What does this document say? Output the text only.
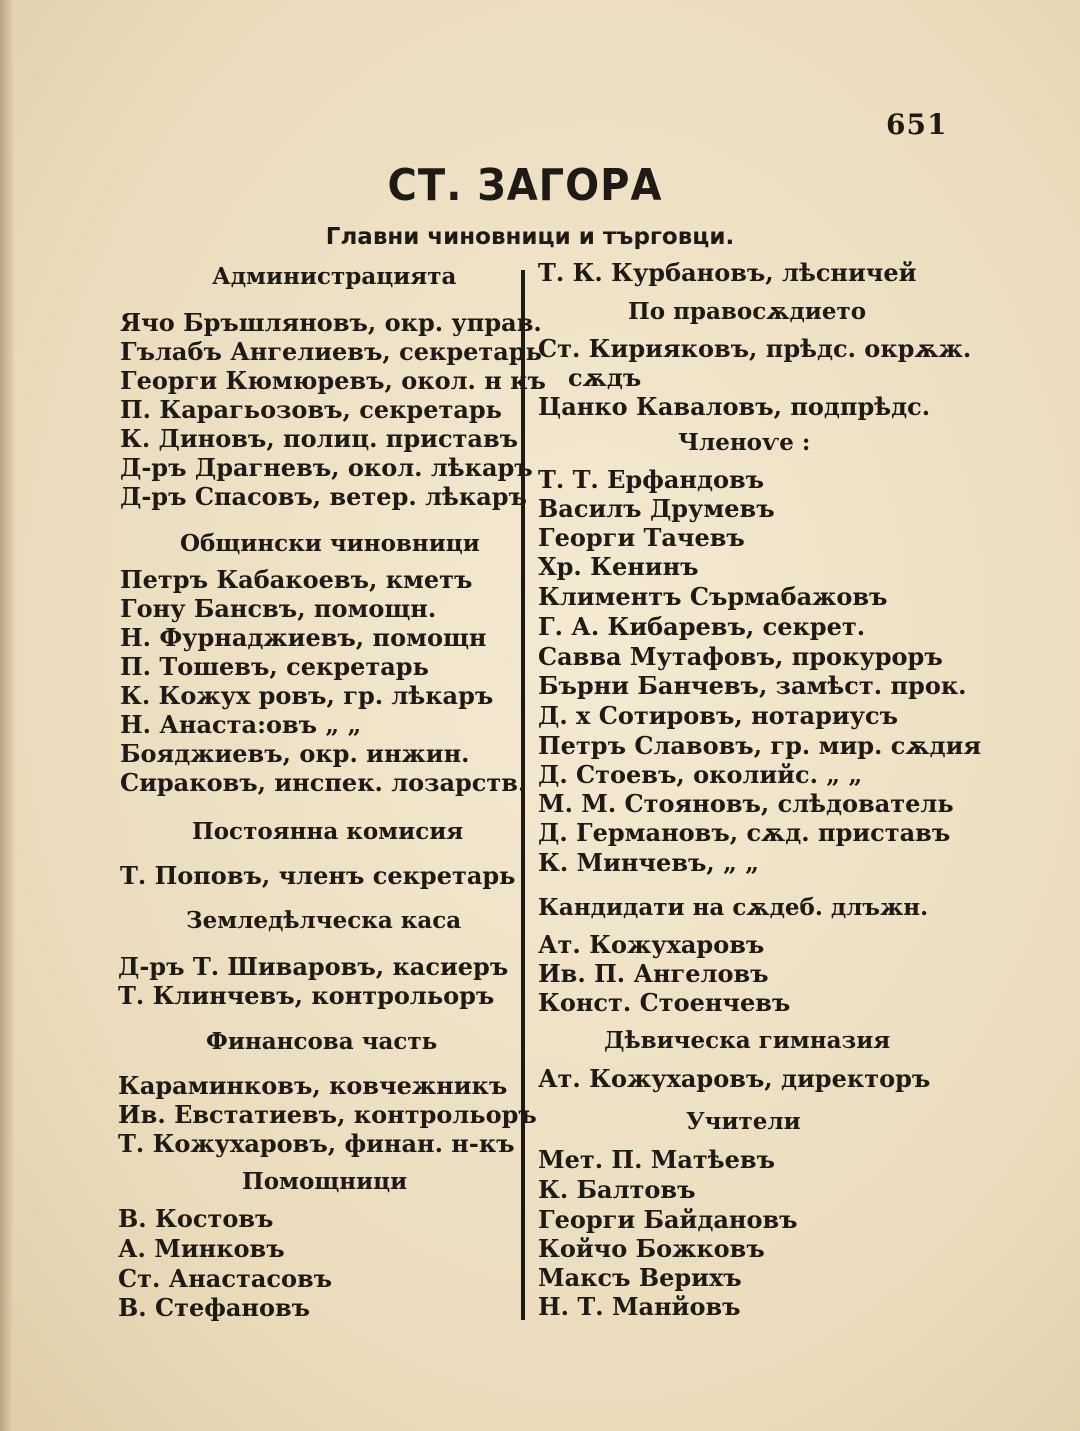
651
СТ. ЗАГОРА
Главни чиновници и търговци.
Администрацията
Ячо Бръшляновъ, окр. управ.
Гълабъ Ангелиевъ, секретарь
Георги Кюмюревъ, окол. н къ
П. Карагьозовъ, секретарь
К. Диновъ, полиц. приставъ
Д-ръ Драгневъ, окол. лѣкаръ
Д-ръ Спасовъ, ветер. лѣкаръ
Общински чиновници
Петръ Кабакоевъ, кметъ
Гону Бансвъ, помощн.
Н. Фурнаджиевъ, помощн
П. Тошевъ, секретарь
К. Кожух ровъ, гр. лѣкаръ
Н. Анаста:овъ „ „
Бояджиевъ, окр. инжин.
Сираковъ, инспек. лозарств.
Постоянна комисия
Т. Поповъ, членъ секретарь
Земледѣлческа каса
Д-ръ Т. Шиваровъ, касиеръ
Т. Клинчевъ, контрольоръ
Финансова часть
Караминковъ, ковчежникъ
Ив. Евстатиевъ, контрольоръ
Т. Кожухаровъ, финан. н-къ
Помощници
В. Костовъ
А. Минковъ
Ст. Анастасовъ
В. Стефановъ
Т. К. Курбановъ, лѣсничей
По правосѫдието
Ст. Кирияковъ, прѣдс. окрѫж.
сѫдъ
Цанко Каваловъ, подпрѣдс.
Членоѵе :
Т. Т. Ерфандовъ
Василъ Друмевъ
Георги Тачевъ
Хр. Кенинъ
Климентъ Сърмабажовъ
Г. А. Кибаревъ, секрет.
Савва Мутафовъ, прокуроръ
Бърни Банчевъ, замѣст. прок.
Д. х Сотировъ, нотариусъ
Петръ Славовъ, гр. мир. сѫдия
Д. Стоевъ, околийс. „ „
М. М. Стояновъ, слѣдователь
Д. Германовъ, сѫд. приставъ
К. Минчевъ, „ „
Кандидати на сѫдеб. длъжн.
Ат. Кожухаровъ
Ив. П. Ангеловъ
Конст. Стоенчевъ
Дѣвическа гимназия
Ат. Кожухаровъ, директоръ
Учители
Мет. П. Матѣевъ
К. Балтовъ
Георги Байдановъ
Койчо Божковъ
Максъ Верихъ
Н. Т. Манйовъ
